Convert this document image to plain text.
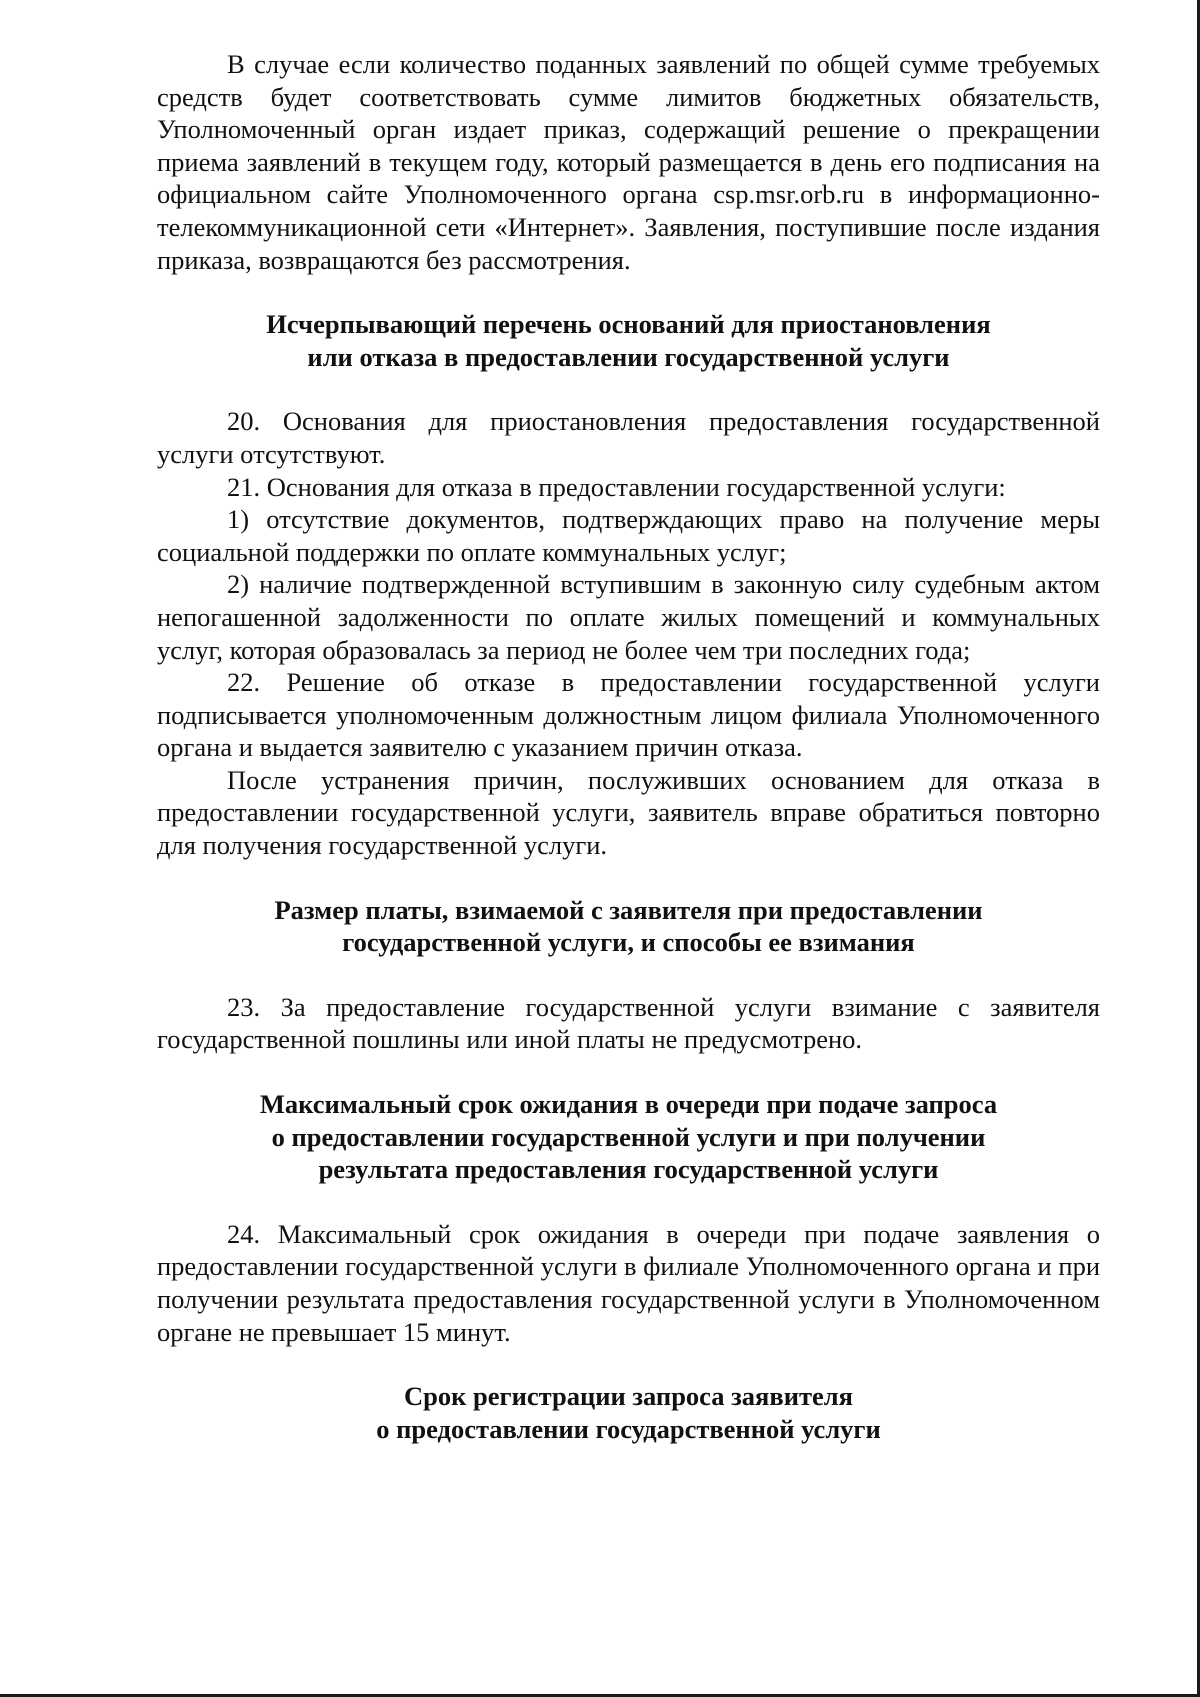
В случае если количество поданных заявлений по общей сумме требуемых средств будет соответствовать сумме лимитов бюджетных обязательств, Уполномоченный орган издает приказ, содержащий решение о прекращении приема заявлений в текущем году, который размещается в день его подписания на официальном сайте Уполномоченного органа csp.msr.orb.ru в информационно-телекоммуникационной сети «Интернет». Заявления, поступившие после издания приказа, возвращаются без рассмотрения.

Исчерпывающий перечень оснований для приостановления
или отказа в предоставлении государственной услуги

20. Основания для приостановления предоставления государственной услуги отсутствуют.

21. Основания для отказа в предоставлении государственной услуги:

1) отсутствие документов, подтверждающих право на получение меры социальной поддержки по оплате коммунальных услуг;

2) наличие подтвержденной вступившим в законную силу судебным актом непогашенной задолженности по оплате жилых помещений и коммунальных услуг, которая образовалась за период не более чем три последних года;

22. Решение об отказе в предоставлении государственной услуги подписывается уполномоченным должностным лицом филиала Уполномоченного органа и выдается заявителю с указанием причин отказа.

После устранения причин, послуживших основанием для отказа в предоставлении государственной услуги, заявитель вправе обратиться повторно для получения государственной услуги.

Размер платы, взимаемой с заявителя при предоставлении
государственной услуги, и способы ее взимания

23. За предоставление государственной услуги взимание с заявителя государственной пошлины или иной платы не предусмотрено.

Максимальный срок ожидания в очереди при подаче запроса
о предоставлении государственной услуги и при получении
результата предоставления государственной услуги

24. Максимальный срок ожидания в очереди при подаче заявления о предоставлении государственной услуги в филиале Уполномоченного органа и при получении результата предоставления государственной услуги в Уполномоченном органе не превышает 15 минут.

Срок регистрации запроса заявителя
о предоставлении государственной услуги
